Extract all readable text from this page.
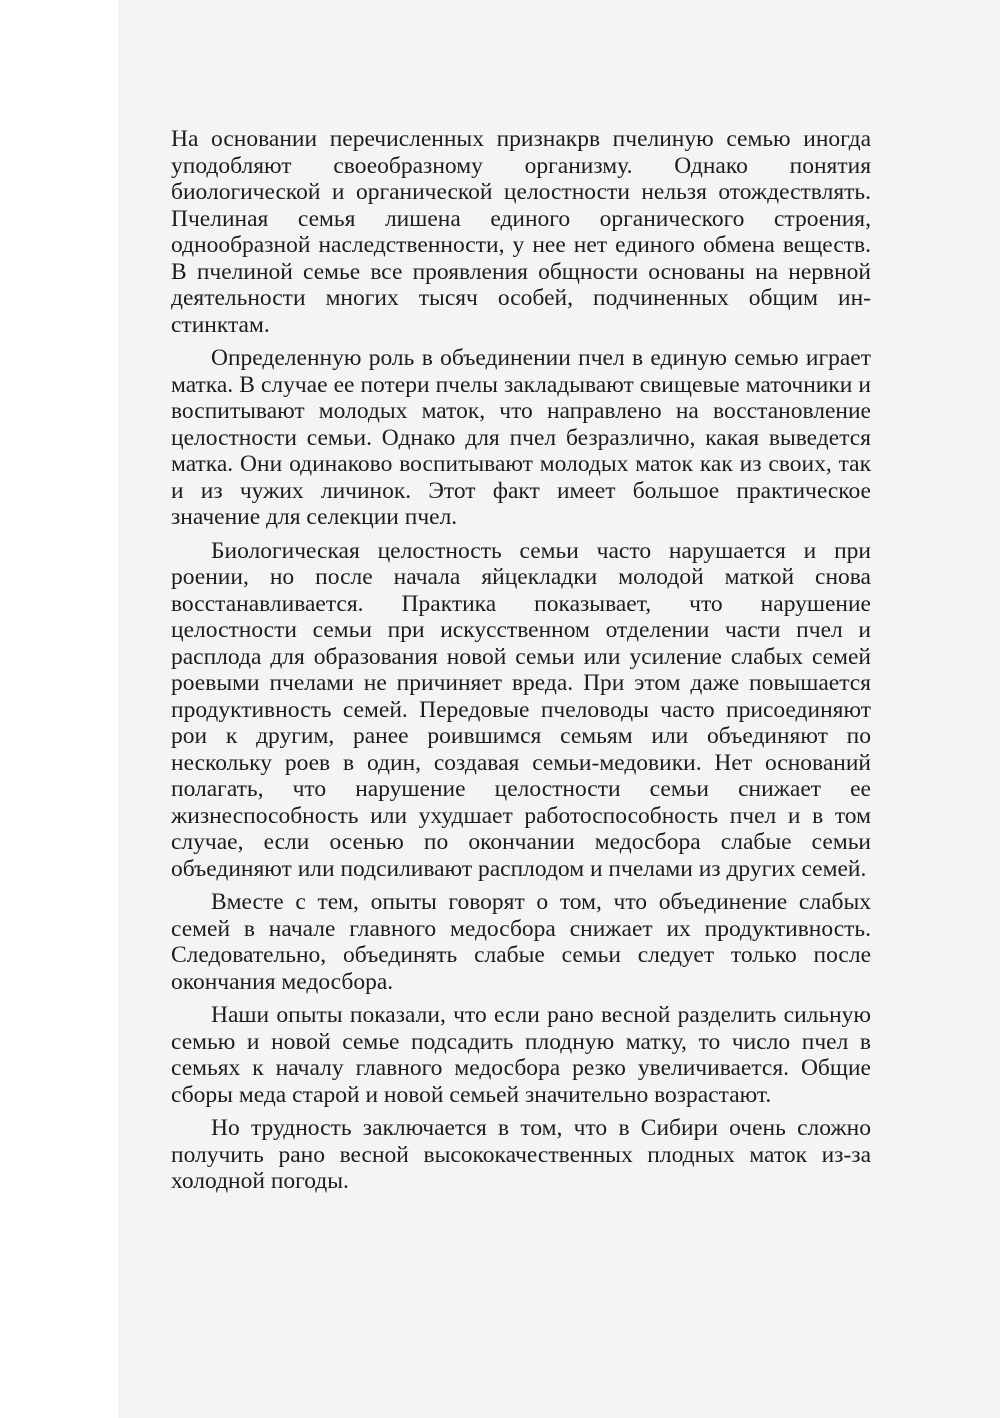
На основании перечисленных признакрв пчелиную семью иногда уподобляют своеобразному организму. Однако понятия биологической и органической целостности нельзя отождествлять. Пчелиная семья лишена единого органического строения, однообразной наследственности, у нее нет единого обмена веществ. В пчелиной семье все проявления общности основаны на нервной деятельности многих тысяч особей, подчиненных общим инстинктам.

Определенную роль в объединении пчел в единую семью играет матка. В случае ее потери пчелы закладывают свищевые маточники и воспитывают молодых маток, что направлено на восстановление целостности семьи. Однако для пчел безразлично, какая выведется матка. Они одинаково воспитывают молодых маток как из своих, так и из чужих личинок. Этот факт имеет большое практическое значение для селекции пчел.

Биологическая целостность семьи часто нарушается и при роении, но после начала яйцекладки молодой маткой снова восстанавливается. Практика показывает, что нарушение целостности семьи при искусственном отделении части пчел и расплода для образования новой семьи или усиление слабых семей роевыми пчелами не причиняет вреда. При этом даже повышается продуктивность семей. Передовые пчеловоды часто присоединяют рои к другим, ранее роившимся семьям или объединяют по нескольку роев в один, создавая семьи-медовики. Нет оснований полагать, что нарушение целостности семьи снижает ее жизнеспособность или ухудшает работоспособность пчел и в том случае, если осенью по окончании медосбора слабые семьи объединяют или подсиливают расплодом и пчелами из других семей.

Вместе с тем, опыты говорят о том, что объединение слабых семей в начале главного медосбора снижает их продуктивность. Следовательно, объединять слабые семьи следует только после окончания медосбора.

Наши опыты показали, что если рано весной разделить сильную семью и новой семье подсадить плодную матку, то число пчел в семьях к началу главного медосбора резко увеличивается. Общие сборы меда старой и новой семьей значительно возрастают.

Но трудность заключается в том, что в Сибири очень сложно получить рано весной высококачественных плодных маток из-за холодной погоды.
